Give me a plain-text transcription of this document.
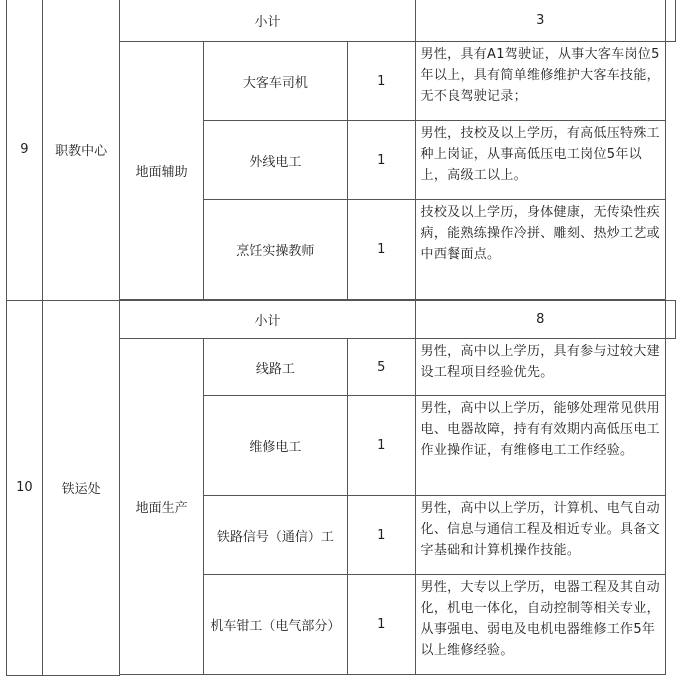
9	职教中心	小计			3	
		地面辅助	大客车司机	1	男性，具有A1驾驶证，从事大客车岗位5年以上，具有简单维修维护大客车技能，无不良驾驶记录；	
			外线电工	1	男性，技校及以上学历，有高低压特殊工种上岗证，从事高低压电工岗位5年以上，高级工以上。	
			烹饪实操教师	1	技校及以上学历，身体健康，无传染性疾病，能熟练操作冷拼、雕刻、热炒工艺或中西餐面点。	

10	铁运处	小计			8	
		地面生产	线路工	5	男性，高中以上学历，具有参与过较大建设工程项目经验优先。	
			维修电工	1	男性，高中以上学历，能够处理常见供用电、电器故障，持有有效期内高低压电工作业操作证，有维修电工工作经验。	
			铁路信号（通信）工	1	男性，高中以上学历，计算机、电气自动化、信息与通信工程及相近专业。具备文字基础和计算机操作技能。	
			机车钳工（电气部分）	1	男性，大专以上学历，电器工程及其自动化，机电一体化，自动控制等相关专业，从事强电、弱电及电机电器维修工作5年以上维修经验。	
